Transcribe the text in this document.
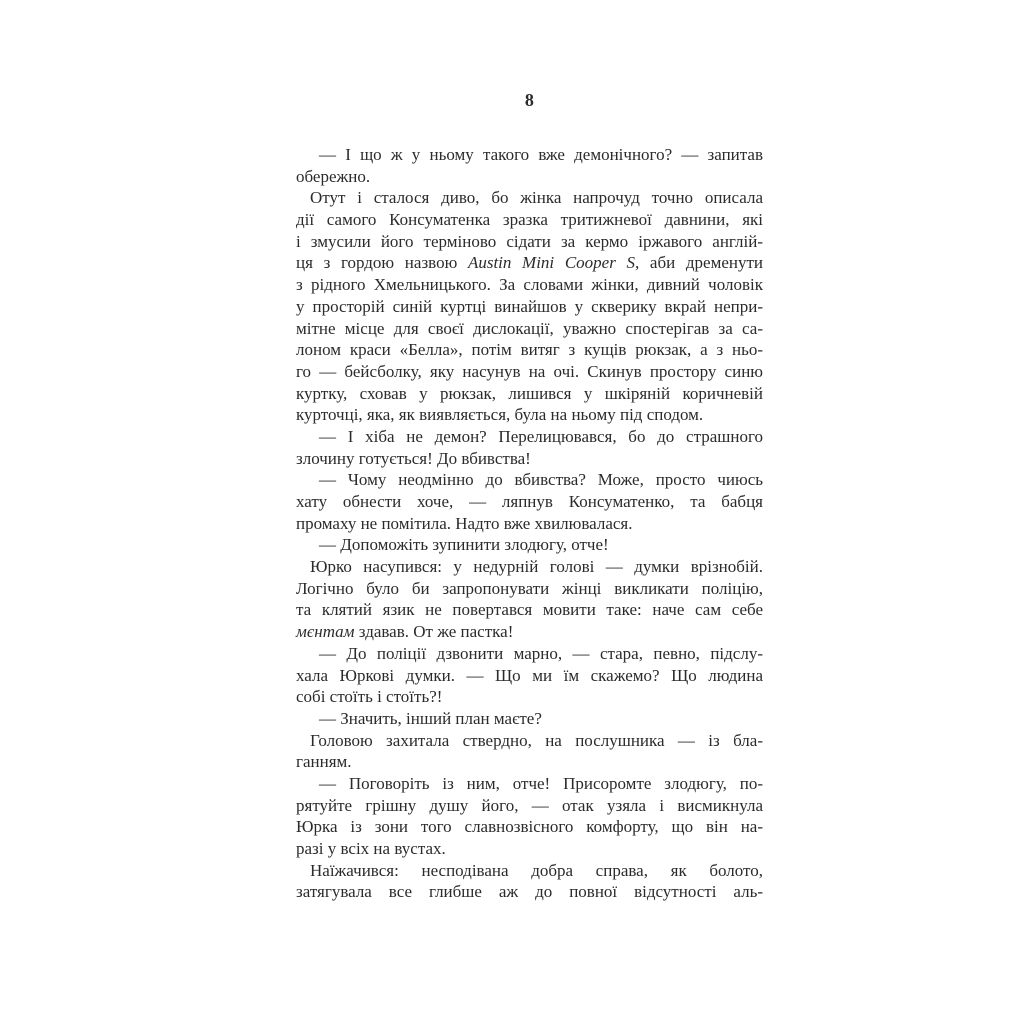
8
— І що ж у ньому такого вже демонічного? — запитав
обережно.
Отут і сталося диво, бо жінка напрочуд точно описала
дії самого Консуматенка зразка тритижневої давнини, які
і змусили його терміново сідати за кермо іржавого англій-
ця з гордою назвою Austin Mini Cooper S, аби дременути
з рідного Хмельницького. За словами жінки, дивний чоловік
у просторій синій куртці винайшов у скверику вкрай непри-
мітне місце для своєї дислокації, уважно спостерігав за са-
лоном краси «Белла», потім витяг з кущів рюкзак, а з ньо-
го — бейсболку, яку насунув на очі. Скинув простору синю
куртку, сховав у рюкзак, лишився у шкіряній коричневій
курточці, яка, як виявляється, була на ньому під сподом.
— І хіба не демон? Перелицювався, бо до страшного
злочину готується! До вбивства!
— Чому неодмінно до вбивства? Може, просто чиюсь
хату обнести хоче, — ляпнув Консуматенко, та бабця
промаху не помітила. Надто вже хвилювалася.
— Допоможіть зупинити злодюгу, отче!
Юрко насупився: у недурній голові — думки врізнобій.
Логічно було би запропонувати жінці викликати поліцію,
та клятий язик не повертався мовити таке: наче сам себе
мєнтам здавав. От же пастка!
— До поліції дзвонити марно, — стара, певно, підслу-
хала Юркові думки. — Що ми їм скажемо? Що людина
собі стоїть і стоїть?!
— Значить, інший план маєте?
Головою захитала ствердно, на послушника — із бла-
ганням.
— Поговоріть із ним, отче! Присоромте злодюгу, по-
рятуйте грішну душу його, — отак узяла і висмикнула
Юрка із зони того славнозвісного комфорту, що він на-
разі у всіх на вустах.
Наїжачився: несподівана добра справа, як болото,
затягувала все глибше аж до повної відсутності аль-
